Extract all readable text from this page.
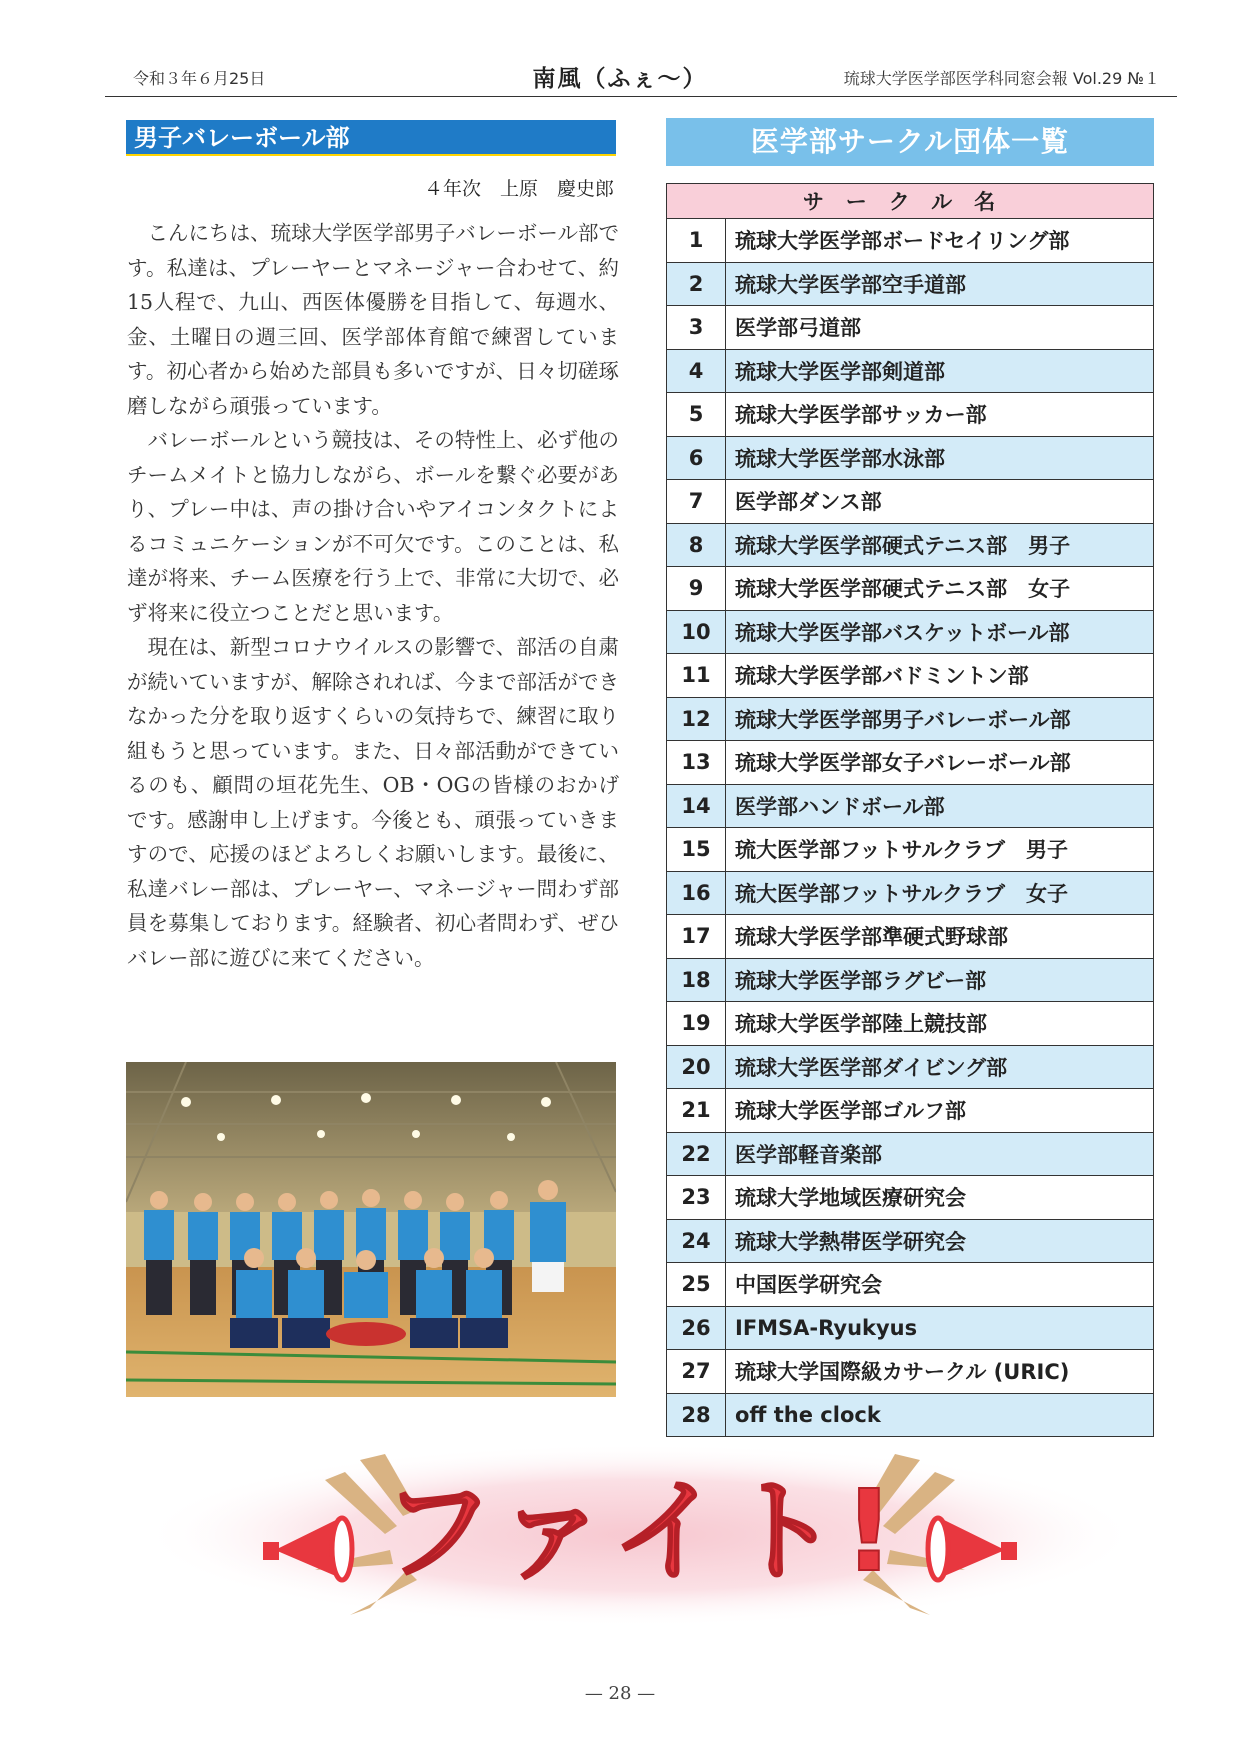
令和３年６月25日	南風（ふぇ〜）	琉球大学医学部医学科同窓会報 Vol.29 №１
男子バレーボール部
４年次　上原　慶史郎

こんにちは、琉球大学医学部男子バレーボール部です。私達は、プレーヤーとマネージャー合わせて、約15人程で、九山、西医体優勝を目指して、毎週水、金、土曜日の週三回、医学部体育館で練習しています。初心者から始めた部員も多いですが、日々切磋琢磨しながら頑張っています。

バレーボールという競技は、その特性上、必ず他のチームメイトと協力しながら、ボールを繋ぐ必要があり、プレー中は、声の掛け合いやアイコンタクトによるコミュニケーションが不可欠です。このことは、私達が将来、チーム医療を行う上で、非常に大切で、必ず将来に役立つことだと思います。

現在は、新型コロナウイルスの影響で、部活の自粛が続いていますが、解除されれば、今まで部活ができなかった分を取り返すくらいの気持ちで、練習に取り組もうと思っています。また、日々部活動ができているのも、顧問の垣花先生、OB・OGの皆様のおかげです。感謝申し上げます。今後とも、頑張っていきますので、応援のほどよろしくお願いします。最後に、私達バレー部は、プレーヤー、マネージャー問わず部員を募集しております。経験者、初心者問わず、ぜひバレー部に遊びに来てください。

医学部サークル団体一覧
サークル名	
1	琉球大学医学部ボードセイリング部
2	琉球大学医学部空手道部
3	医学部弓道部
4	琉球大学医学部剣道部
5	琉球大学医学部サッカー部
6	琉球大学医学部水泳部
7	医学部ダンス部
8	琉球大学医学部硬式テニス部　男子
9	琉球大学医学部硬式テニス部　女子
10	琉球大学医学部バスケットボール部
11	琉球大学医学部バドミントン部
12	琉球大学医学部男子バレーボール部
13	琉球大学医学部女子バレーボール部
14	医学部ハンドボール部
15	琉大医学部フットサルクラブ　男子
16	琉大医学部フットサルクラブ　女子
17	琉球大学医学部準硬式野球部
18	琉球大学医学部ラグビー部
19	琉球大学医学部陸上競技部
20	琉球大学医学部ダイビング部
21	琉球大学医学部ゴルフ部
22	医学部軽音楽部
23	琉球大学地域医療研究会
24	琉球大学熱帯医学研究会
25	中国医学研究会
26	IFMSA-Ryukyus
27	琉球大学国際級カサークル (URIC)
28	off the clock
ファイト!
— 28 —
